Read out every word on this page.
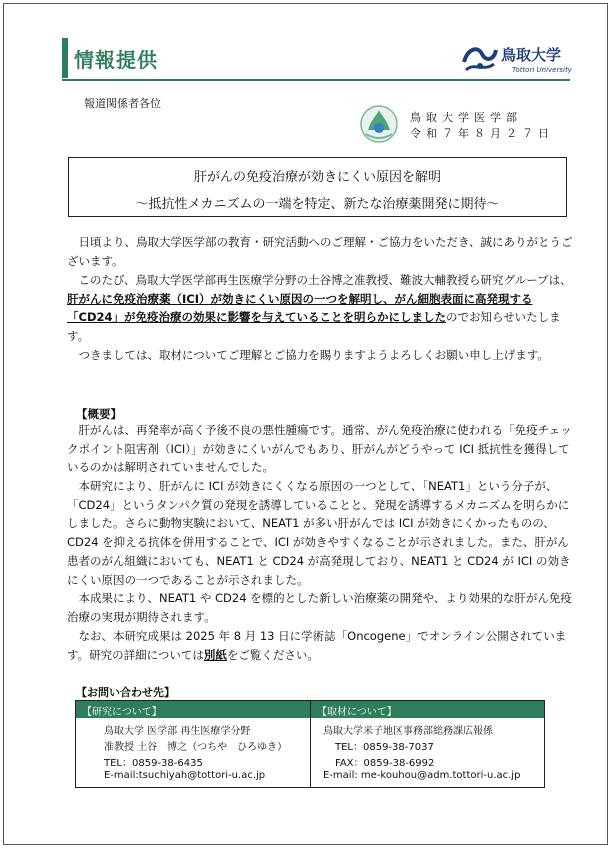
情報提供	鳥取大学
Tottori University
報道関係者各位
鳥取大学医学部
令和７年８月２７日
肝がんの免疫治療が効きにくい原因を解明
～抵抗性メカニズムの一端を特定、新たな治療薬開発に期待～
　日頃より、鳥取大学医学部の教育・研究活動へのご理解・ご協力をいただき、誠にありがとうございます。
　このたび、鳥取大学医学部再生医療学分野の土谷博之准教授、難波大輔教授ら研究グループは、肝がんに免疫治療薬（ICI）が効きにくい原因の一つを解明し、がん細胞表面に高発現する「CD24」が免疫治療の効果に影響を与えていることを明らかにしましたのでお知らせいたします。
　つきましては、取材についてご理解とご協力を賜りますようよろしくお願い申し上げます。
【概要】
　肝がんは、再発率が高く予後不良の悪性腫瘍です。通常、がん免疫治療に使われる「免疫チェックポイント阻害剤（ICI）」が効きにくいがんでもあり、肝がんがどうやって ICI 抵抗性を獲得しているのかは解明されていませんでした。
　本研究により、肝がんに ICI が効きにくくなる原因の一つとして、「NEAT1」という分子が、「CD24」というタンパク質の発現を誘導していることと、発現を誘導するメカニズムを明らかにしました。さらに動物実験において、NEAT1 が多い肝がんでは ICI が効きにくかったものの、CD24 を抑える抗体を併用することで、ICI が効きやすくなることが示されました。また、肝がん患者のがん組織においても、NEAT1 と CD24 が高発現しており、NEAT1 と CD24 が ICI の効きにくい原因の一つであることが示されました。
　本成果により、NEAT1 や CD24 を標的とした新しい治療薬の開発や、より効果的な肝がん免疫治療の実現が期待されます。
　なお、本研究成果は 2025 年 8 月 13 日に学術誌「Oncogene」でオンライン公開されています。研究の詳細については別紙をご覧ください。
【お問い合わせ先】
【研究について】
鳥取大学 医学部 再生医療学分野
准教授 土谷　博之（つちや　ひろゆき）
TEL：0859-38-6435
E-mail:tsuchiyah@tottori-u.ac.jp
【取材について】
鳥取大学米子地区事務部総務課広報係
TEL：0859-38-7037
FAX：0859-38-6992
E-mail: me-kouhou@adm.tottori-u.ac.jp
